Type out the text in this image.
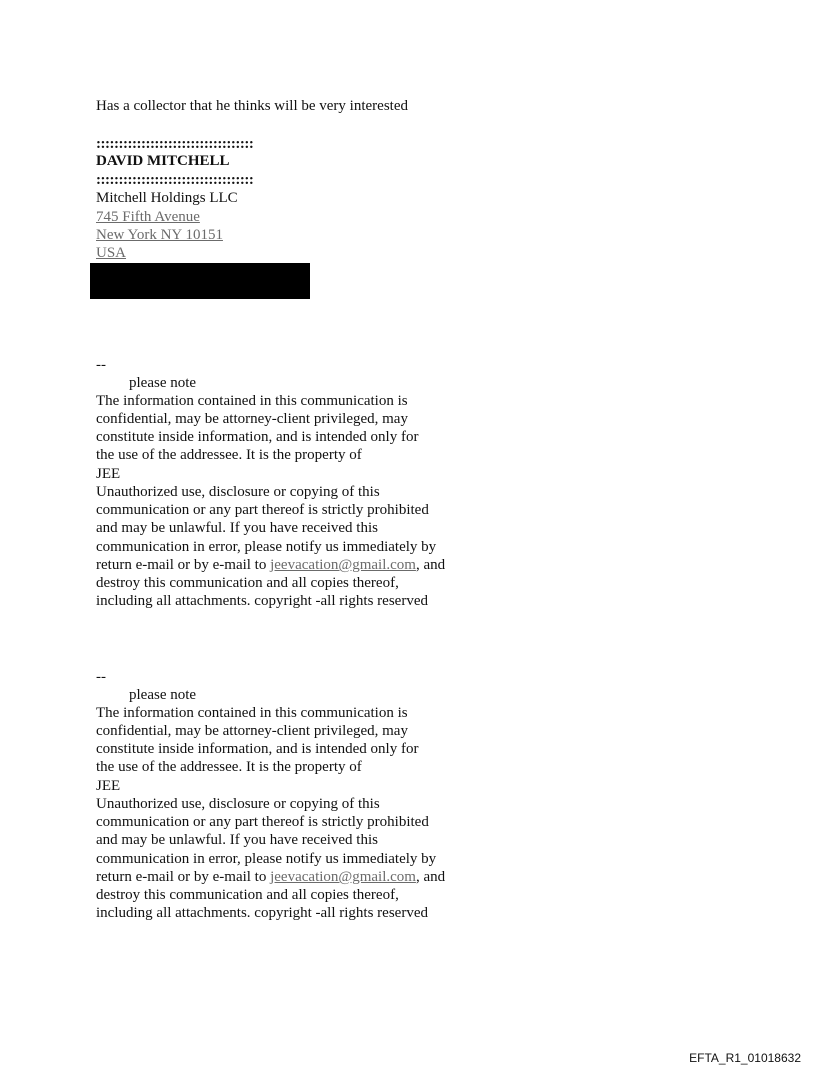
Has a collector that he thinks will be very interested
:::::::::::::::::::::::::::::::::::
DAVID MITCHELL
:::::::::::::::::::::::::::::::::::
Mitchell Holdings LLC
745 Fifth Avenue
New York NY 10151
USA
--
please note
The information contained in this communication is
confidential, may be attorney-client privileged, may
constitute inside information, and is intended only for
the use of the addressee. It is the property of
JEE
Unauthorized use, disclosure or copying of this
communication or any part thereof is strictly prohibited
and may be unlawful. If you have received this
communication in error, please notify us immediately by
return e-mail or by e-mail to jeevacation@gmail.com, and
destroy this communication and all copies thereof,
including all attachments. copyright -all rights reserved
--
please note
The information contained in this communication is
confidential, may be attorney-client privileged, may
constitute inside information, and is intended only for
the use of the addressee. It is the property of
JEE
Unauthorized use, disclosure or copying of this
communication or any part thereof is strictly prohibited
and may be unlawful. If you have received this
communication in error, please notify us immediately by
return e-mail or by e-mail to jeevacation@gmail.com, and
destroy this communication and all copies thereof,
including all attachments. copyright -all rights reserved
EFTA_R1_01018632
